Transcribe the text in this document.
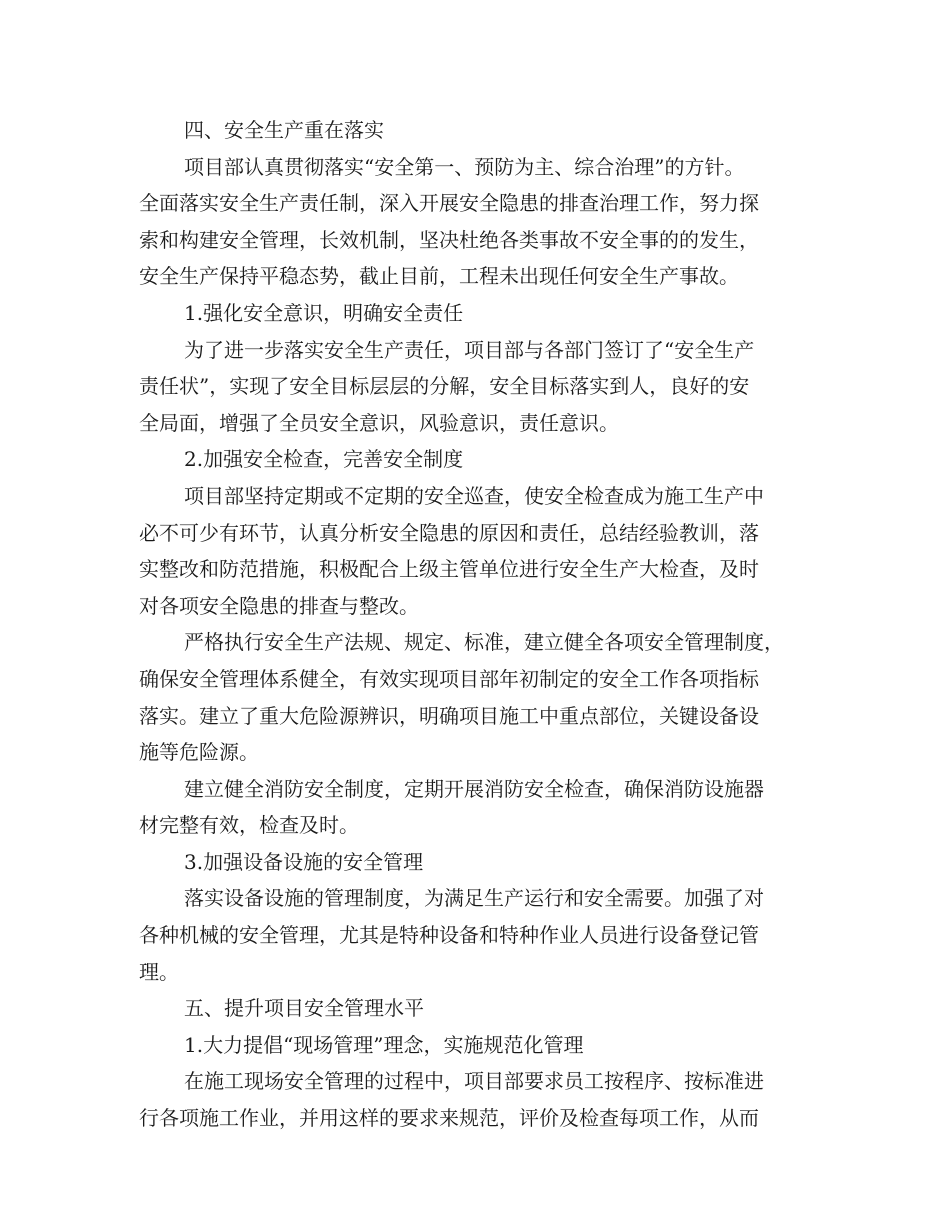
四、安全生产重在落实
项目部认真贯彻落实“安全第一、预防为主、综合治理”的方针。
全面落实安全生产责任制，深入开展安全隐患的排查治理工作，努力探
索和构建安全管理，长效机制，坚决杜绝各类事故不安全事的的发生，
安全生产保持平稳态势，截止目前，工程未出现任何安全生产事故。
1.强化安全意识，明确安全责任
为了进一步落实安全生产责任，项目部与各部门签订了“安全生产
责任状”，实现了安全目标层层的分解，安全目标落实到人，良好的安
全局面，增强了全员安全意识，风验意识，责任意识。
2.加强安全检查，完善安全制度
项目部坚持定期或不定期的安全巡查，使安全检查成为施工生产中
必不可少有环节，认真分析安全隐患的原因和责任，总结经验教训，落
实整改和防范措施，积极配合上级主管单位进行安全生产大检查，及时
对各项安全隐患的排查与整改。
严格执行安全生产法规、规定、标准，建立健全各项安全管理制度，
确保安全管理体系健全，有效实现项目部年初制定的安全工作各项指标
落实。建立了重大危险源辨识，明确项目施工中重点部位，关键设备设
施等危险源。
建立健全消防安全制度，定期开展消防安全检查，确保消防设施器
材完整有效，检查及时。
3.加强设备设施的安全管理
落实设备设施的管理制度，为满足生产运行和安全需要。加强了对
各种机械的安全管理，尤其是特种设备和特种作业人员进行设备登记管
理。
五、提升项目安全管理水平
1.大力提倡“现场管理”理念，实施规范化管理
在施工现场安全管理的过程中，项目部要求员工按程序、按标准进
行各项施工作业，并用这样的要求来规范，评价及检查每项工作，从而
